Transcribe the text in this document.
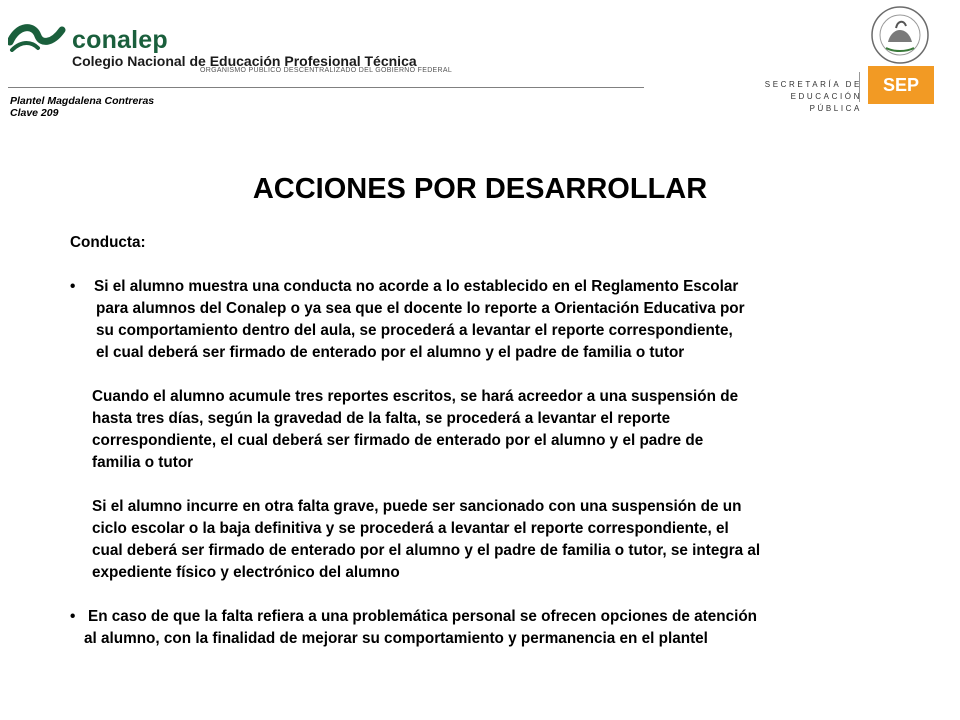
conalep
Colegio Nacional de Educación Profesional Técnica
ORGANISMO PÚBLICO DESCENTRALIZADO DEL GOBIERNO FEDERAL
Plantel Magdalena Contreras
Clave 209
SECRETARÍA DE
EDUCACIÓN PÚBLICA
SEP
ACCIONES POR DESARROLLAR
Conducta:
• Si el alumno muestra una conducta no acorde a lo establecido en el Reglamento Escolar
para alumnos del Conalep o ya sea que el docente lo reporte a Orientación Educativa por
su comportamiento dentro del aula, se procederá a levantar el reporte correspondiente,
el cual deberá ser firmado de enterado por el alumno y el padre de familia o tutor
Cuando el alumno acumule tres reportes escritos, se hará acreedor a una suspensión de
hasta tres días, según la gravedad de la falta, se procederá a levantar el reporte
correspondiente, el cual deberá ser firmado de enterado por el alumno y el padre de
familia o tutor
Si el alumno incurre en otra falta grave, puede ser sancionado con una suspensión de un
ciclo escolar o la baja definitiva y se procederá a levantar el reporte correspondiente, el
cual deberá ser firmado de enterado por el alumno y el padre de familia o tutor, se integra al
expediente físico y electrónico del alumno
• En caso de que la falta refiera a una problemática personal se ofrecen opciones de atención
al alumno, con la finalidad de mejorar su comportamiento y permanencia en el plantel
